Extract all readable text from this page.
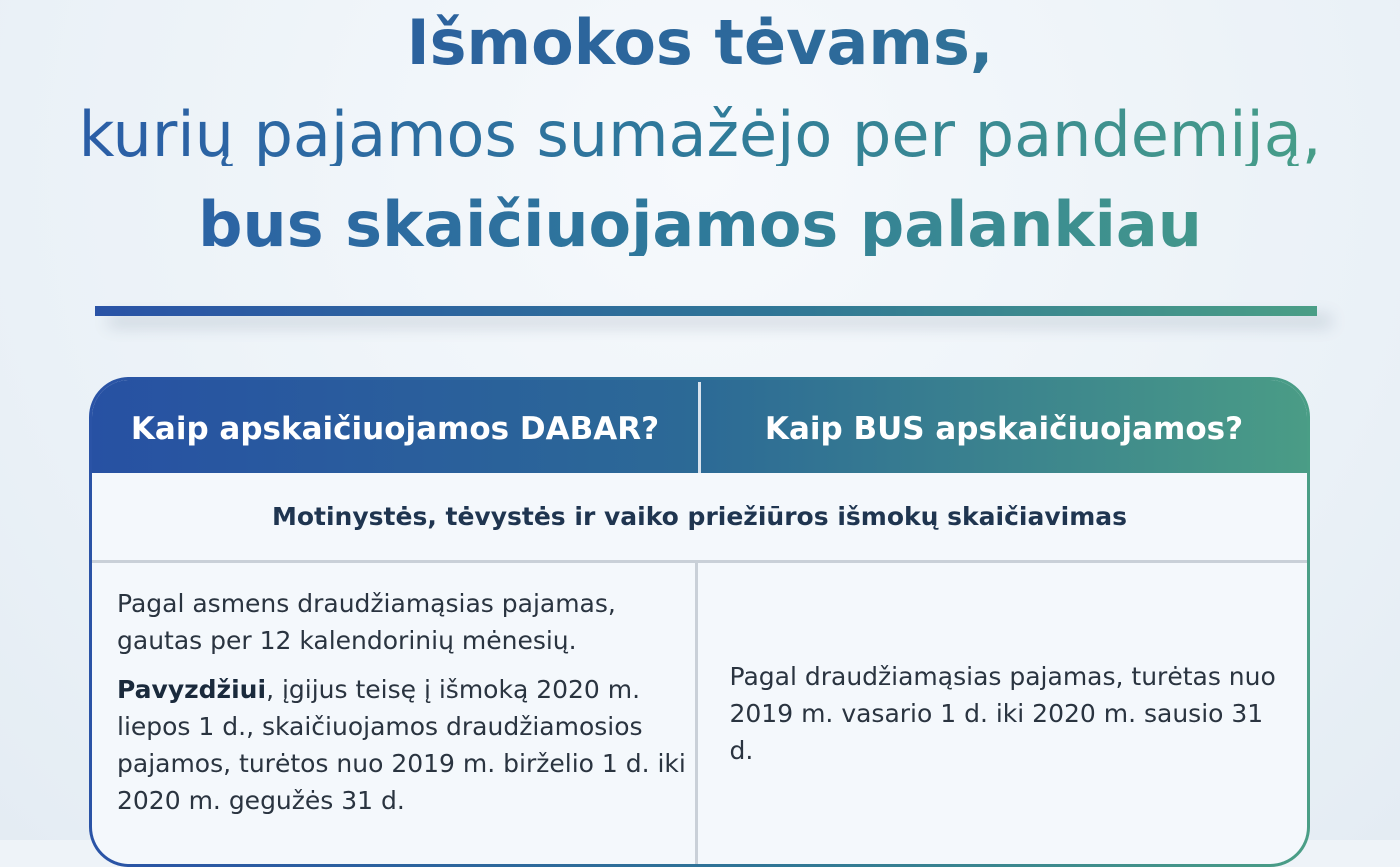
Išmokos tėvams,
kurių pajamos sumažėjo per pandemiją,
bus skaičiuojamos palankiau
Kaip apskaičiuojamos DABAR?	Kaip BUS apskaičiuojamos?
Motinystės, tėvystės ir vaiko priežiūros išmokų skaičiavimas

Pagal asmens draudžiamąsias pajamas, gautas per 12 kalendorinių mėnesių.

Pavyzdžiui, įgijus teisę į išmoką 2020 m. liepos 1 d., skaičiuojamos draudžiamosios pajamos, turėtos nuo 2019 m. birželio 1 d. iki 2020 m. gegužės 31 d.

Pagal draudžiamąsias pajamas, turėtas nuo 2019 m. vasario 1 d. iki 2020 m. sausio 31 d.
